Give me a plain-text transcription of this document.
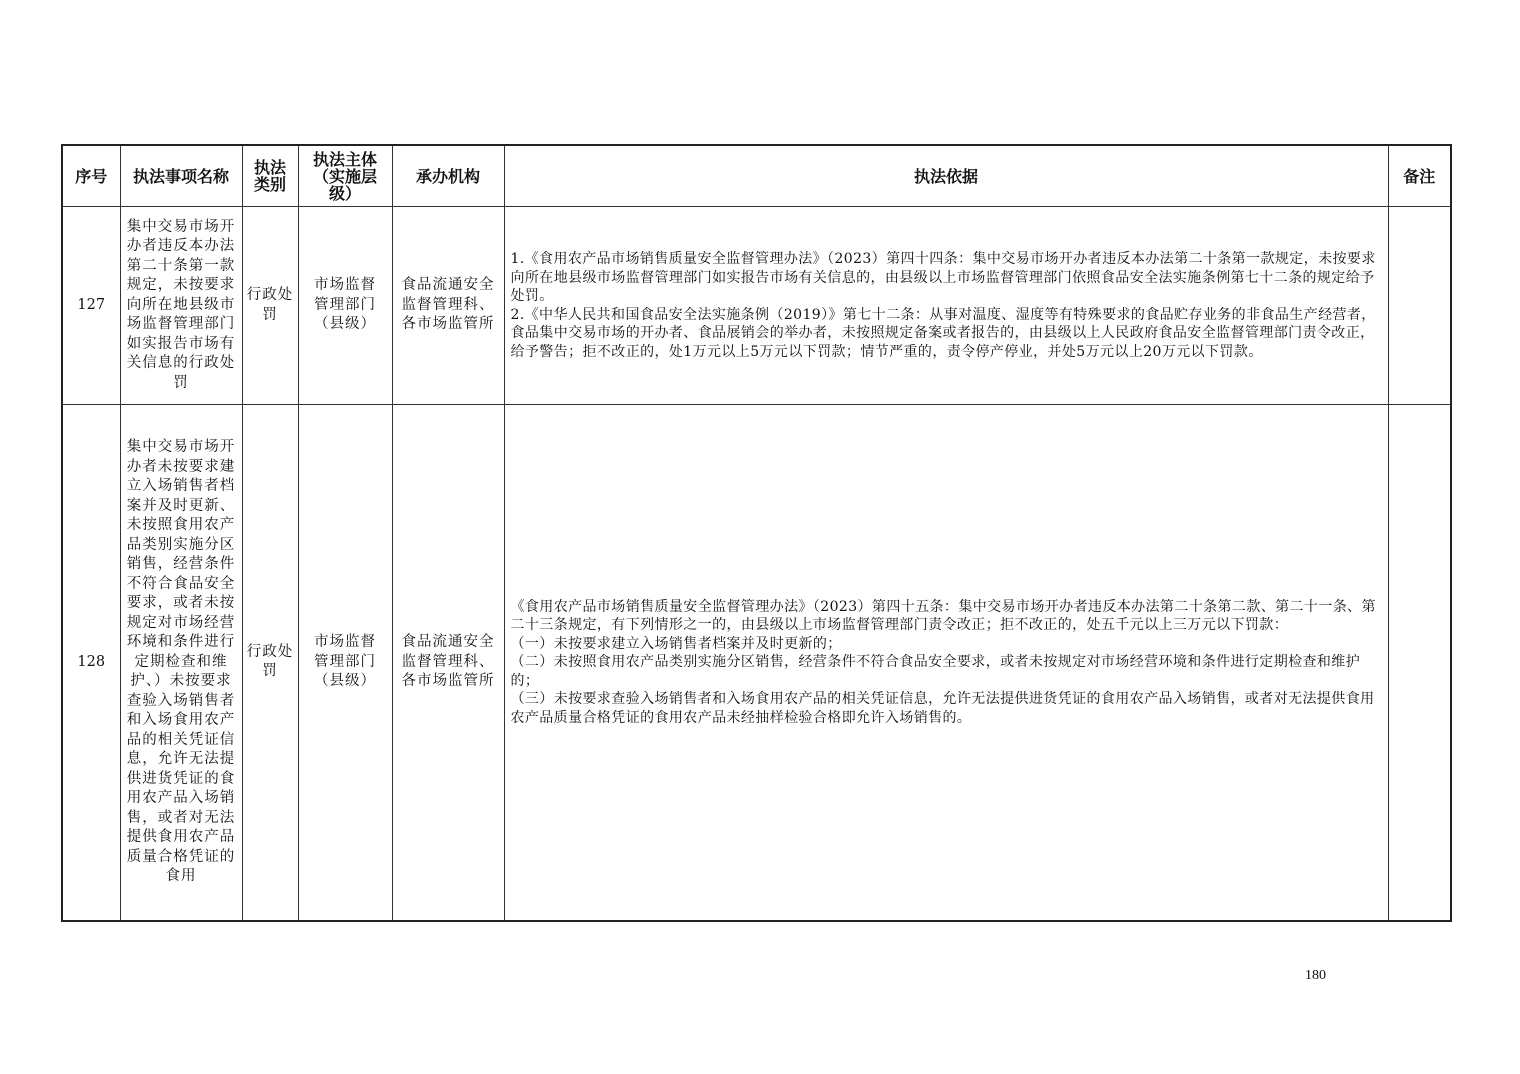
序号	执法事项名称	执法类别	执法主体（实施层级）	承办机构	执法依据	备注
127	集中交易市场开办者违反本办法第二十条第一款规定，未按要求向所在地县级市场监督管理部门如实报告市场有关信息的行政处罚	行政处罚	市场监督管理部门（县级）	食品流通安全监督管理科、各市场监管所	1.《食用农产品市场销售质量安全监督管理办法》（2023）第四十四条：集中交易市场开办者违反本办法第二十条第一款规定，未按要求向所在地县级市场监督管理部门如实报告市场有关信息的，由县级以上市场监督管理部门依照食品安全法实施条例第七十二条的规定给予处罚。
2.《中华人民共和国食品安全法实施条例（2019）》第七十二条：从事对温度、湿度等有特殊要求的食品贮存业务的非食品生产经营者，食品集中交易市场的开办者、食品展销会的举办者，未按照规定备案或者报告的，由县级以上人民政府食品安全监督管理部门责令改正，给予警告；拒不改正的，处1万元以上5万元以下罚款；情节严重的，责令停产停业，并处5万元以上20万元以下罚款。	

128	集中交易市场开办者未按要求建立入场销售者档案并及时更新、未按照食用农产品类别实施分区销售，经营条件不符合食品安全要求，或者未按规定对市场经营环境和条件进行定期检查和维护、）未按要求查验入场销售者和入场食用农产品的相关凭证信息，允许无法提供进货凭证的食用农产品入场销售，或者对无法提供食用农产品质量合格凭证的食用	行政处罚	市场监督管理部门（县级）	食品流通安全监督管理科、各市场监管所	《食用农产品市场销售质量安全监督管理办法》（2023）第四十五条：集中交易市场开办者违反本办法第二十条第二款、第二十一条、第二十三条规定，有下列情形之一的，由县级以上市场监督管理部门责令改正；拒不改正的，处五千元以上三万元以下罚款：
（一）未按要求建立入场销售者档案并及时更新的；
（二）未按照食用农产品类别实施分区销售，经营条件不符合食品安全要求，或者未按规定对市场经营环境和条件进行定期检查和维护的；
（三）未按要求查验入场销售者和入场食用农产品的相关凭证信息，允许无法提供进货凭证的食用农产品入场销售，或者对无法提供食用农产品质量合格凭证的食用农产品未经抽样检验合格即允许入场销售的。	

180
